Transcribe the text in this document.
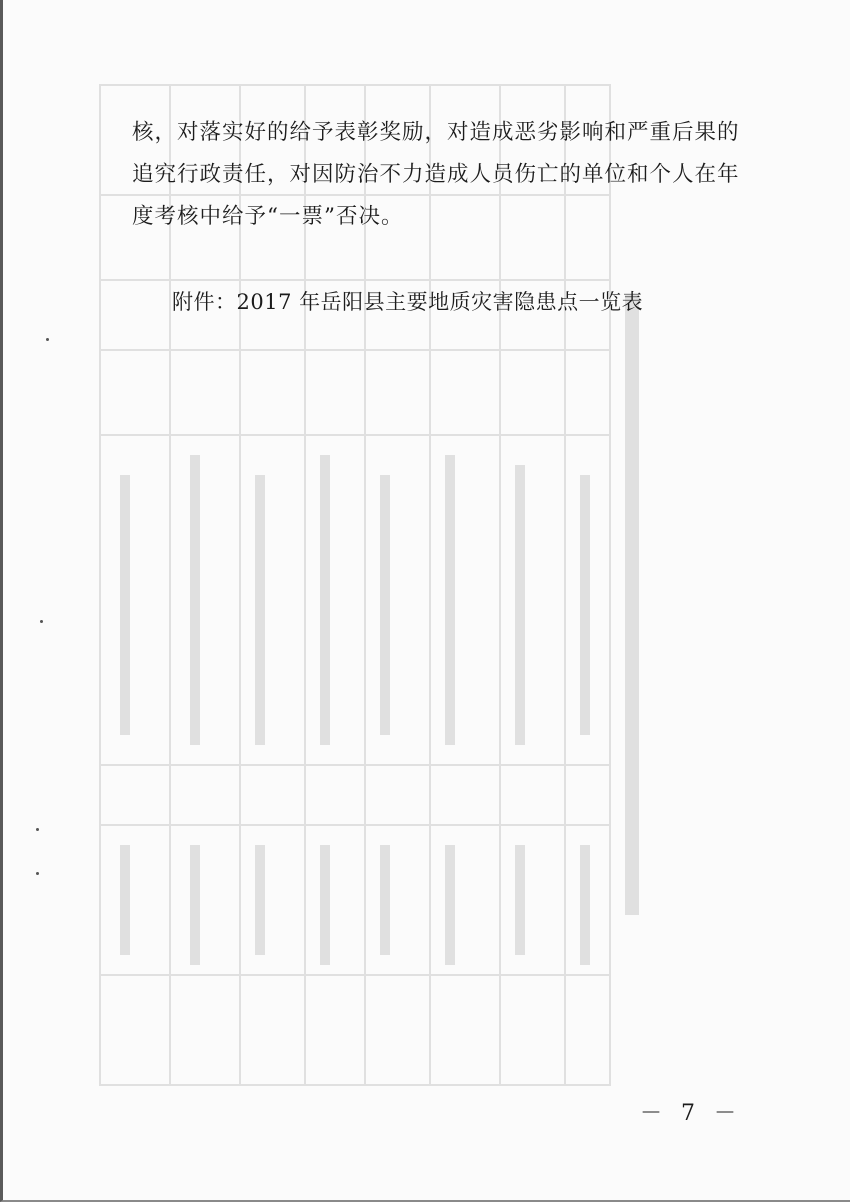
核，对落实好的给予表彰奖励，对造成恶劣影响和严重后果的
追究行政责任，对因防治不力造成人员伤亡的单位和个人在年
度考核中给予“一票”否决。

附件：2017 年岳阳县主要地质灾害隐患点一览表
－ 7 －
